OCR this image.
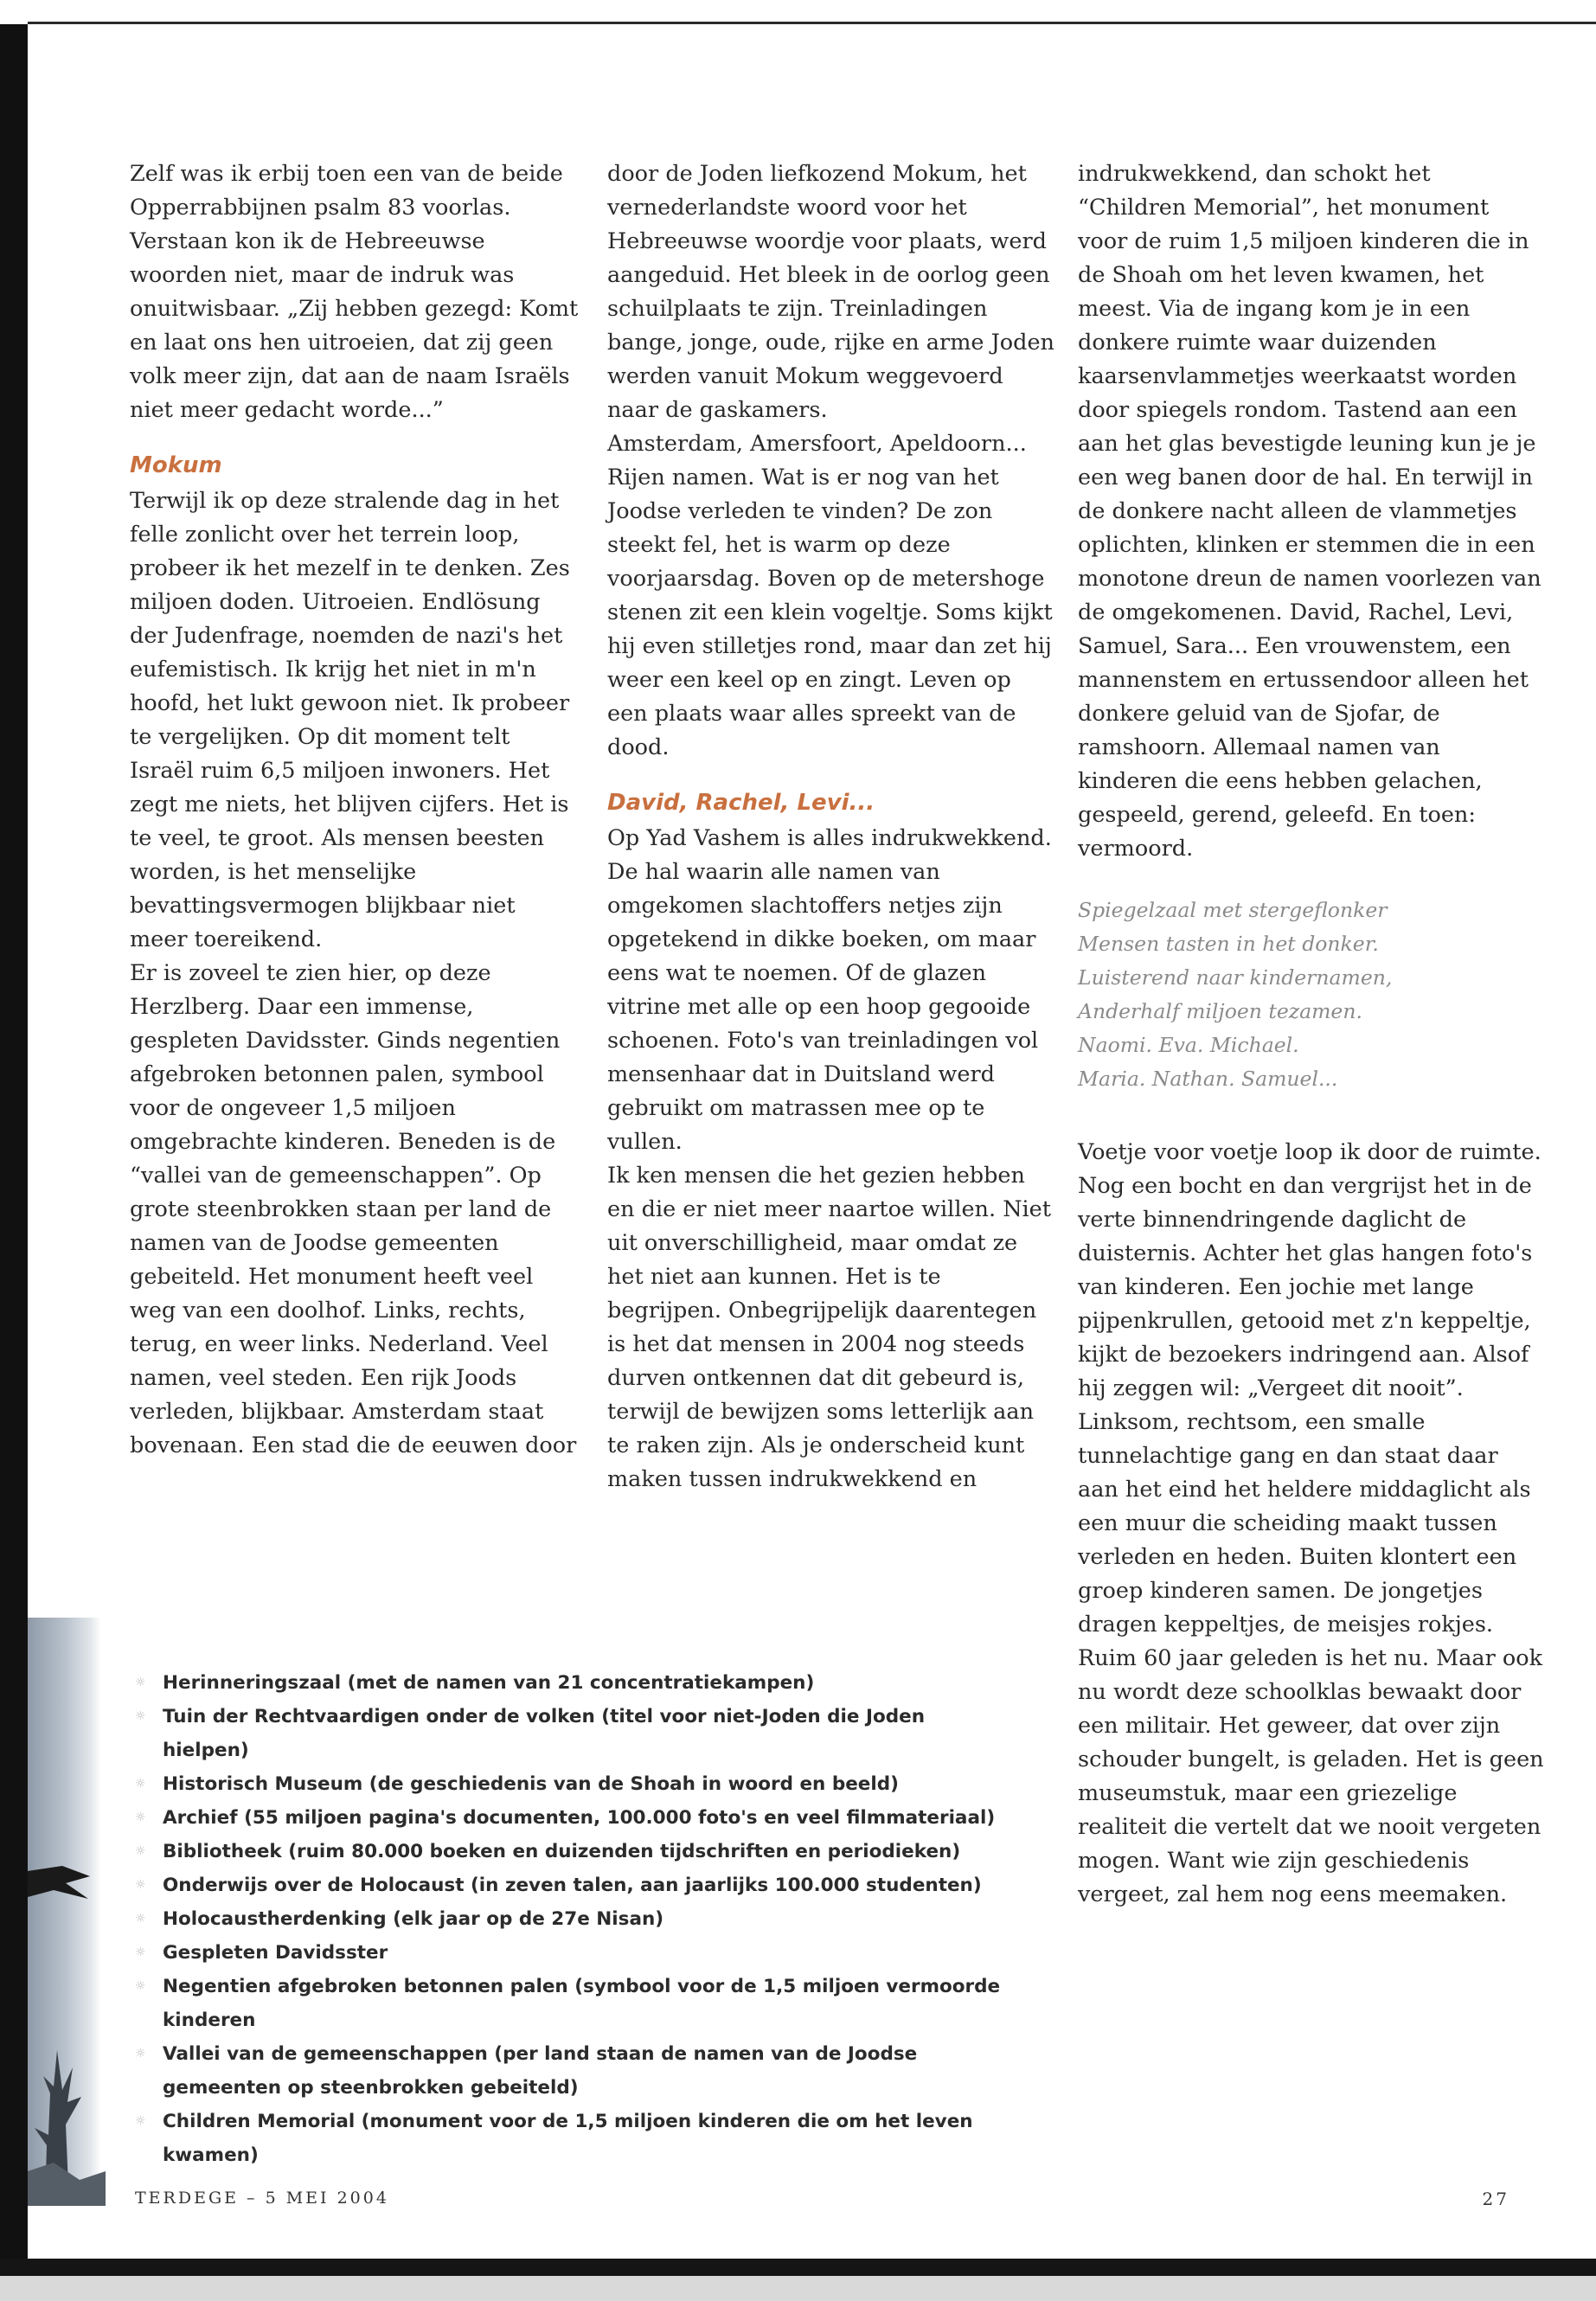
Zelf was ik erbij toen een van de beide Opperrabbijnen psalm 83 voorlas. Verstaan kon ik de Hebreeuwse woorden niet, maar de indruk was onuitwisbaar. „Zij hebben gezegd: Komt en laat ons hen uitroeien, dat zij geen volk meer zijn, dat aan de naam Israëls niet meer gedacht worde...”

Mokum

Terwijl ik op deze stralende dag in het felle zonlicht over het terrein loop, probeer ik het mezelf in te denken. Zes miljoen doden. Uitroeien. Endlösung der Judenfrage, noemden de nazi's het eufemistisch. Ik krijg het niet in m'n hoofd, het lukt gewoon niet. Ik probeer te vergelijken. Op dit moment telt Israël ruim 6,5 miljoen inwoners. Het zegt me niets, het blijven cijfers. Het is te veel, te groot. Als mensen beesten worden, is het menselijke bevattingsvermogen blijkbaar niet meer toereikend.

Er is zoveel te zien hier, op deze Herzlberg. Daar een immense, gespleten Davidsster. Ginds negentien afgebroken betonnen palen, symbool voor de ongeveer 1,5 miljoen omgebrachte kinderen. Beneden is de “vallei van de gemeenschappen”. Op grote steenbrokken staan per land de namen van de Joodse gemeenten gebeiteld. Het monument heeft veel weg van een doolhof. Links, rechts, terug, en weer links. Nederland. Veel namen, veel steden. Een rijk Joods verleden, blijkbaar. Amsterdam staat bovenaan. Een stad die de eeuwen door

door de Joden liefkozend Mokum, het vernederlandste woord voor het Hebreeuwse woordje voor plaats, werd aangeduid. Het bleek in de oorlog geen schuilplaats te zijn. Treinladingen bange, jonge, oude, rijke en arme Joden werden vanuit Mokum weggevoerd naar de gaskamers.

Amsterdam, Amersfoort, Apeldoorn... Rijen namen. Wat is er nog van het Joodse verleden te vinden? De zon steekt fel, het is warm op deze voorjaarsdag. Boven op de metershoge stenen zit een klein vogeltje. Soms kijkt hij even stilletjes rond, maar dan zet hij weer een keel op en zingt. Leven op een plaats waar alles spreekt van de dood.

David, Rachel, Levi...

Op Yad Vashem is alles indrukwekkend. De hal waarin alle namen van omgekomen slachtoffers netjes zijn opgetekend in dikke boeken, om maar eens wat te noemen. Of de glazen vitrine met alle op een hoop gegooide schoenen. Foto's van treinladingen vol mensenhaar dat in Duitsland werd gebruikt om matrassen mee op te vullen.

Ik ken mensen die het gezien hebben en die er niet meer naartoe willen. Niet uit onverschilligheid, maar omdat ze het niet aan kunnen. Het is te begrijpen. Onbegrijpelijk daarentegen is het dat mensen in 2004 nog steeds durven ontkennen dat dit gebeurd is, terwijl de bewijzen soms letterlijk aan te raken zijn. Als je onderscheid kunt maken tussen indrukwekkend en

indrukwekkend, dan schokt het “Children Memorial”, het monument voor de ruim 1,5 miljoen kinderen die in de Shoah om het leven kwamen, het meest. Via de ingang kom je in een donkere ruimte waar duizenden kaarsenvlammetjes weerkaatst worden door spiegels rondom. Tastend aan een aan het glas bevestigde leuning kun je je een weg banen door de hal. En terwijl in de donkere nacht alleen de vlammetjes oplichten, klinken er stemmen die in een monotone dreun de namen voorlezen van de omgekomenen. David, Rachel, Levi, Samuel, Sara... Een vrouwenstem, een mannenstem en ertussendoor alleen het donkere geluid van de Sjofar, de ramshoorn. Allemaal namen van kinderen die eens hebben gelachen, gespeeld, gerend, geleefd. En toen: vermoord.

Spiegelzaal met stergeflonker
Mensen tasten in het donker.
Luisterend naar kindernamen,
Anderhalf miljoen tezamen.
Naomi. Eva. Michael.
Maria. Nathan. Samuel...

Voetje voor voetje loop ik door de ruimte. Nog een bocht en dan vergrijst het in de verte binnendringende daglicht de duisternis. Achter het glas hangen foto's van kinderen. Een jochie met lange pijpenkrullen, getooid met z'n keppeltje, kijkt de bezoekers indringend aan. Alsof hij zeggen wil: „Vergeet dit nooit”.

Linksom, rechtsom, een smalle tunnelachtige gang en dan staat daar aan het eind het heldere middaglicht als een muur die scheiding maakt tussen verleden en heden. Buiten klontert een groep kinderen samen. De jongetjes dragen keppeltjes, de meisjes rokjes. Ruim 60 jaar geleden is het nu. Maar ook nu wordt deze schoolklas bewaakt door een militair. Het geweer, dat over zijn schouder bungelt, is geladen. Het is geen museumstuk, maar een griezelige realiteit die vertelt dat we nooit vergeten mogen. Want wie zijn geschiedenis vergeet, zal hem nog eens meemaken.

☼ Herinneringszaal (met de namen van 21 concentratiekampen)
☼ Tuin der Rechtvaardigen onder de volken (titel voor niet-Joden die Joden hielpen)
☼ Historisch Museum (de geschiedenis van de Shoah in woord en beeld)
☼ Archief (55 miljoen pagina's documenten, 100.000 foto's en veel filmmateriaal)
☼ Bibliotheek (ruim 80.000 boeken en duizenden tijdschriften en periodieken)
☼ Onderwijs over de Holocaust (in zeven talen, aan jaarlijks 100.000 studenten)
☼ Holocaustherdenking (elk jaar op de 27e Nisan)
☼ Gespleten Davidsster
☼ Negentien afgebroken betonnen palen (symbool voor de 1,5 miljoen vermoorde kinderen
☼ Vallei van de gemeenschappen (per land staan de namen van de Joodse gemeenten op steenbrokken gebeiteld)
☼ Children Memorial (monument voor de 1,5 miljoen kinderen die om het leven kwamen)
TERDEGE – 5 MEI 2004	27
